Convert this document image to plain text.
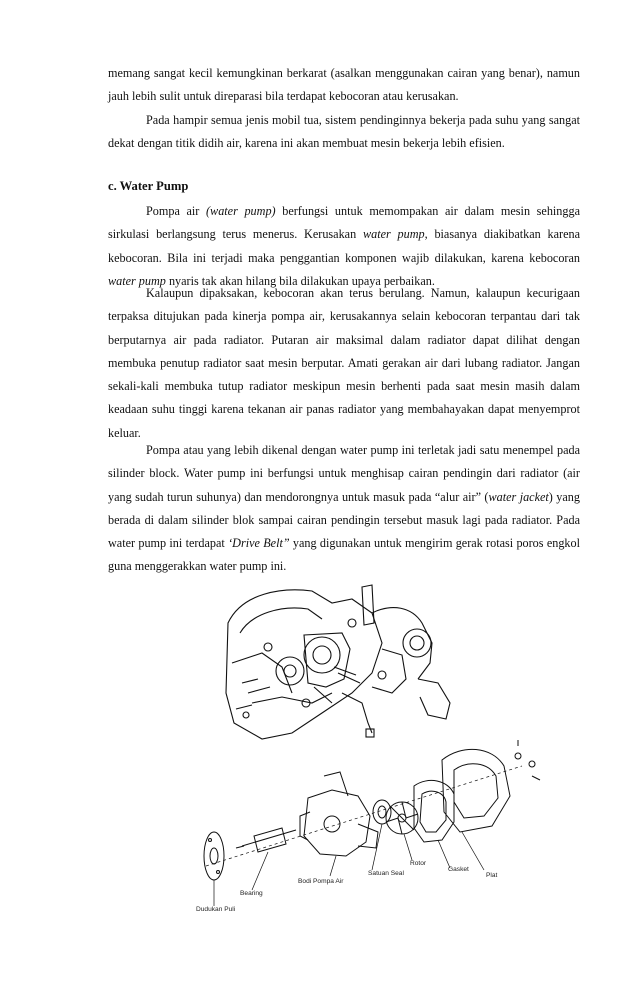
memang sangat kecil kemungkinan berkarat (asalkan menggunakan cairan yang benar), namun jauh lebih sulit untuk direparasi bila terdapat kebocoran atau kerusakan.

Pada hampir semua jenis mobil tua, sistem pendinginnya bekerja pada suhu yang sangat dekat dengan titik didih air, karena ini akan membuat mesin bekerja lebih efisien.

c. Water Pump

Pompa air (water pump) berfungsi untuk memompakan air dalam mesin sehingga sirkulasi berlangsung terus menerus. Kerusakan water pump, biasanya diakibatkan karena kebocoran. Bila ini terjadi maka penggantian komponen wajib dilakukan, karena kebocoran water pump nyaris tak akan hilang bila dilakukan upaya perbaikan.

Kalaupun dipaksakan, kebocoran akan terus berulang. Namun, kalaupun kecurigaan terpaksa ditujukan pada kinerja pompa air, kerusakannya selain kebocoran terpantau dari tak berputarnya air pada radiator. Putaran air maksimal dalam radiator dapat dilihat dengan membuka penutup radiator saat mesin berputar. Amati gerakan air dari lubang radiator. Jangan sekali-kali membuka tutup radiator meskipun mesin berhenti pada saat mesin masih dalam keadaan suhu tinggi karena tekanan air panas radiator yang membahayakan dapat menyemprot keluar.

Pompa atau yang lebih dikenal dengan water pump ini terletak jadi satu menempel pada silinder block. Water pump ini berfungsi untuk menghisap cairan pendingin dari radiator (air yang sudah turun suhunya) dan mendorongnya untuk masuk pada “alur air” (water jacket) yang berada di dalam silinder blok sampai cairan pendingin tersebut masuk lagi pada radiator. Pada water pump ini terdapat ‘Drive Belt” yang digunakan untuk mengirim gerak rotasi poros engkol guna menggerakkan water pump ini.

Plat
Gasket
Rotor
Satuan Seal
Bodi Pompa Air
Bearing
Dudukan Puli
